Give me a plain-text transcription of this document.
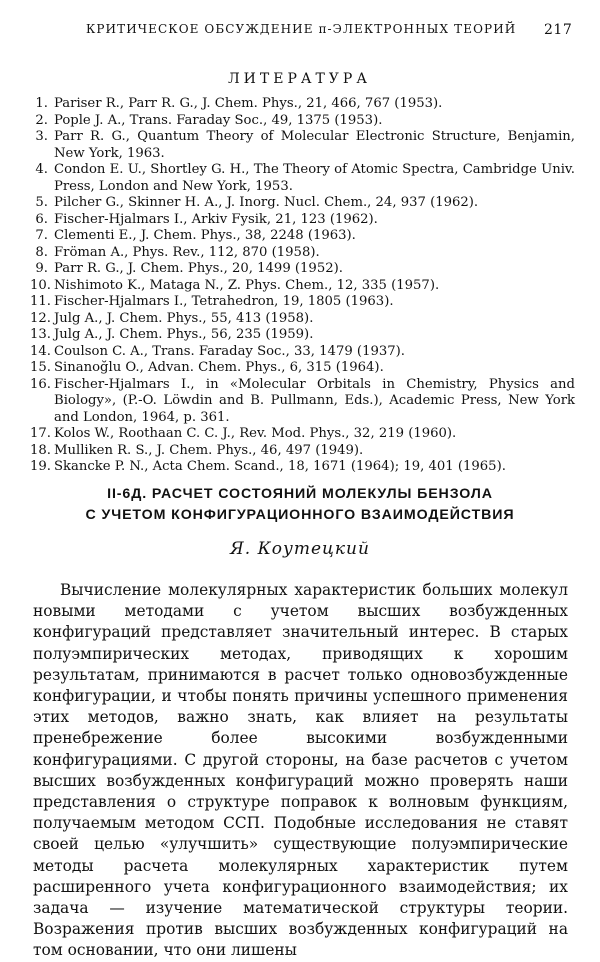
КРИТИЧЕСКОЕ ОБСУЖДЕНИЕ π-ЭЛЕКТРОННЫХ ТЕОРИЙ 217
ЛИТЕРАТУРА
1. Pariser R., Parr R. G., J. Chem. Phys., 21, 466, 767 (1953).
2. Pople J. A., Trans. Faraday Soc., 49, 1375 (1953).
3. Parr R. G., Quantum Theory of Molecular Electronic Structure, Benjamin, New York, 1963.
4. Condon E. U., Shortley G. H., The Theory of Atomic Spectra, Cambridge Univ. Press, London and New York, 1953.
5. Pilcher G., Skinner H. A., J. Inorg. Nucl. Chem., 24, 937 (1962).
6. Fischer-Hjalmars I., Arkiv Fysik, 21, 123 (1962).
7. Clementi E., J. Chem. Phys., 38, 2248 (1963).
8. Fröman A., Phys. Rev., 112, 870 (1958).
9. Parr R. G., J. Chem. Phys., 20, 1499 (1952).
10. Nishimoto K., Mataga N., Z. Phys. Chem., 12, 335 (1957).
11. Fischer-Hjalmars I., Tetrahedron, 19, 1805 (1963).
12. Julg A., J. Chem. Phys., 55, 413 (1958).
13. Julg A., J. Chem. Phys., 56, 235 (1959).
14. Coulson C. A., Trans. Faraday Soc., 33, 1479 (1937).
15. Sinanoğlu O., Advan. Chem. Phys., 6, 315 (1964).
16. Fischer-Hjalmars I., in «Molecular Orbitals in Chemistry, Physics and Biology», (P.-O. Löwdin and B. Pullmann, Eds.), Academic Press, New York and London, 1964, p. 361.
17. Kolos W., Roothaan C. C. J., Rev. Mod. Phys., 32, 219 (1960).
18. Mulliken R. S., J. Chem. Phys., 46, 497 (1949).
19. Skancke P. N., Acta Chem. Scand., 18, 1671 (1964); 19, 401 (1965).
II-6Д. РАСЧЕТ СОСТОЯНИЙ МОЛЕКУЛЫ БЕНЗОЛА
С УЧЕТОМ КОНФИГУРАЦИОННОГО ВЗАИМОДЕЙСТВИЯ
Я. Коутецкий

Вычисление молекулярных характеристик больших молекул новыми методами с учетом высших возбужденных конфигураций представляет значительный интерес. В старых полуэмпирических методах, приводящих к хорошим результатам, принимаются в расчет только одновозбужденные конфигурации, и чтобы понять причины успешного применения этих методов, важно знать, как влияет на результаты пренебрежение более высокими возбужденными конфигурациями. С другой стороны, на базе расчетов с учетом высших возбужденных конфигураций можно проверять наши представления о структуре поправок к волновым функциям, получаемым методом ССП. Подобные исследования не ставят своей целью «улучшить» существующие полуэмпирические методы расчета молекулярных характеристик путем расширенного учета конфигурационного взаимодействия; их задача — изучение математической структуры теории. Возражения против высших возбужденных конфигураций на том основании, что они лишены
